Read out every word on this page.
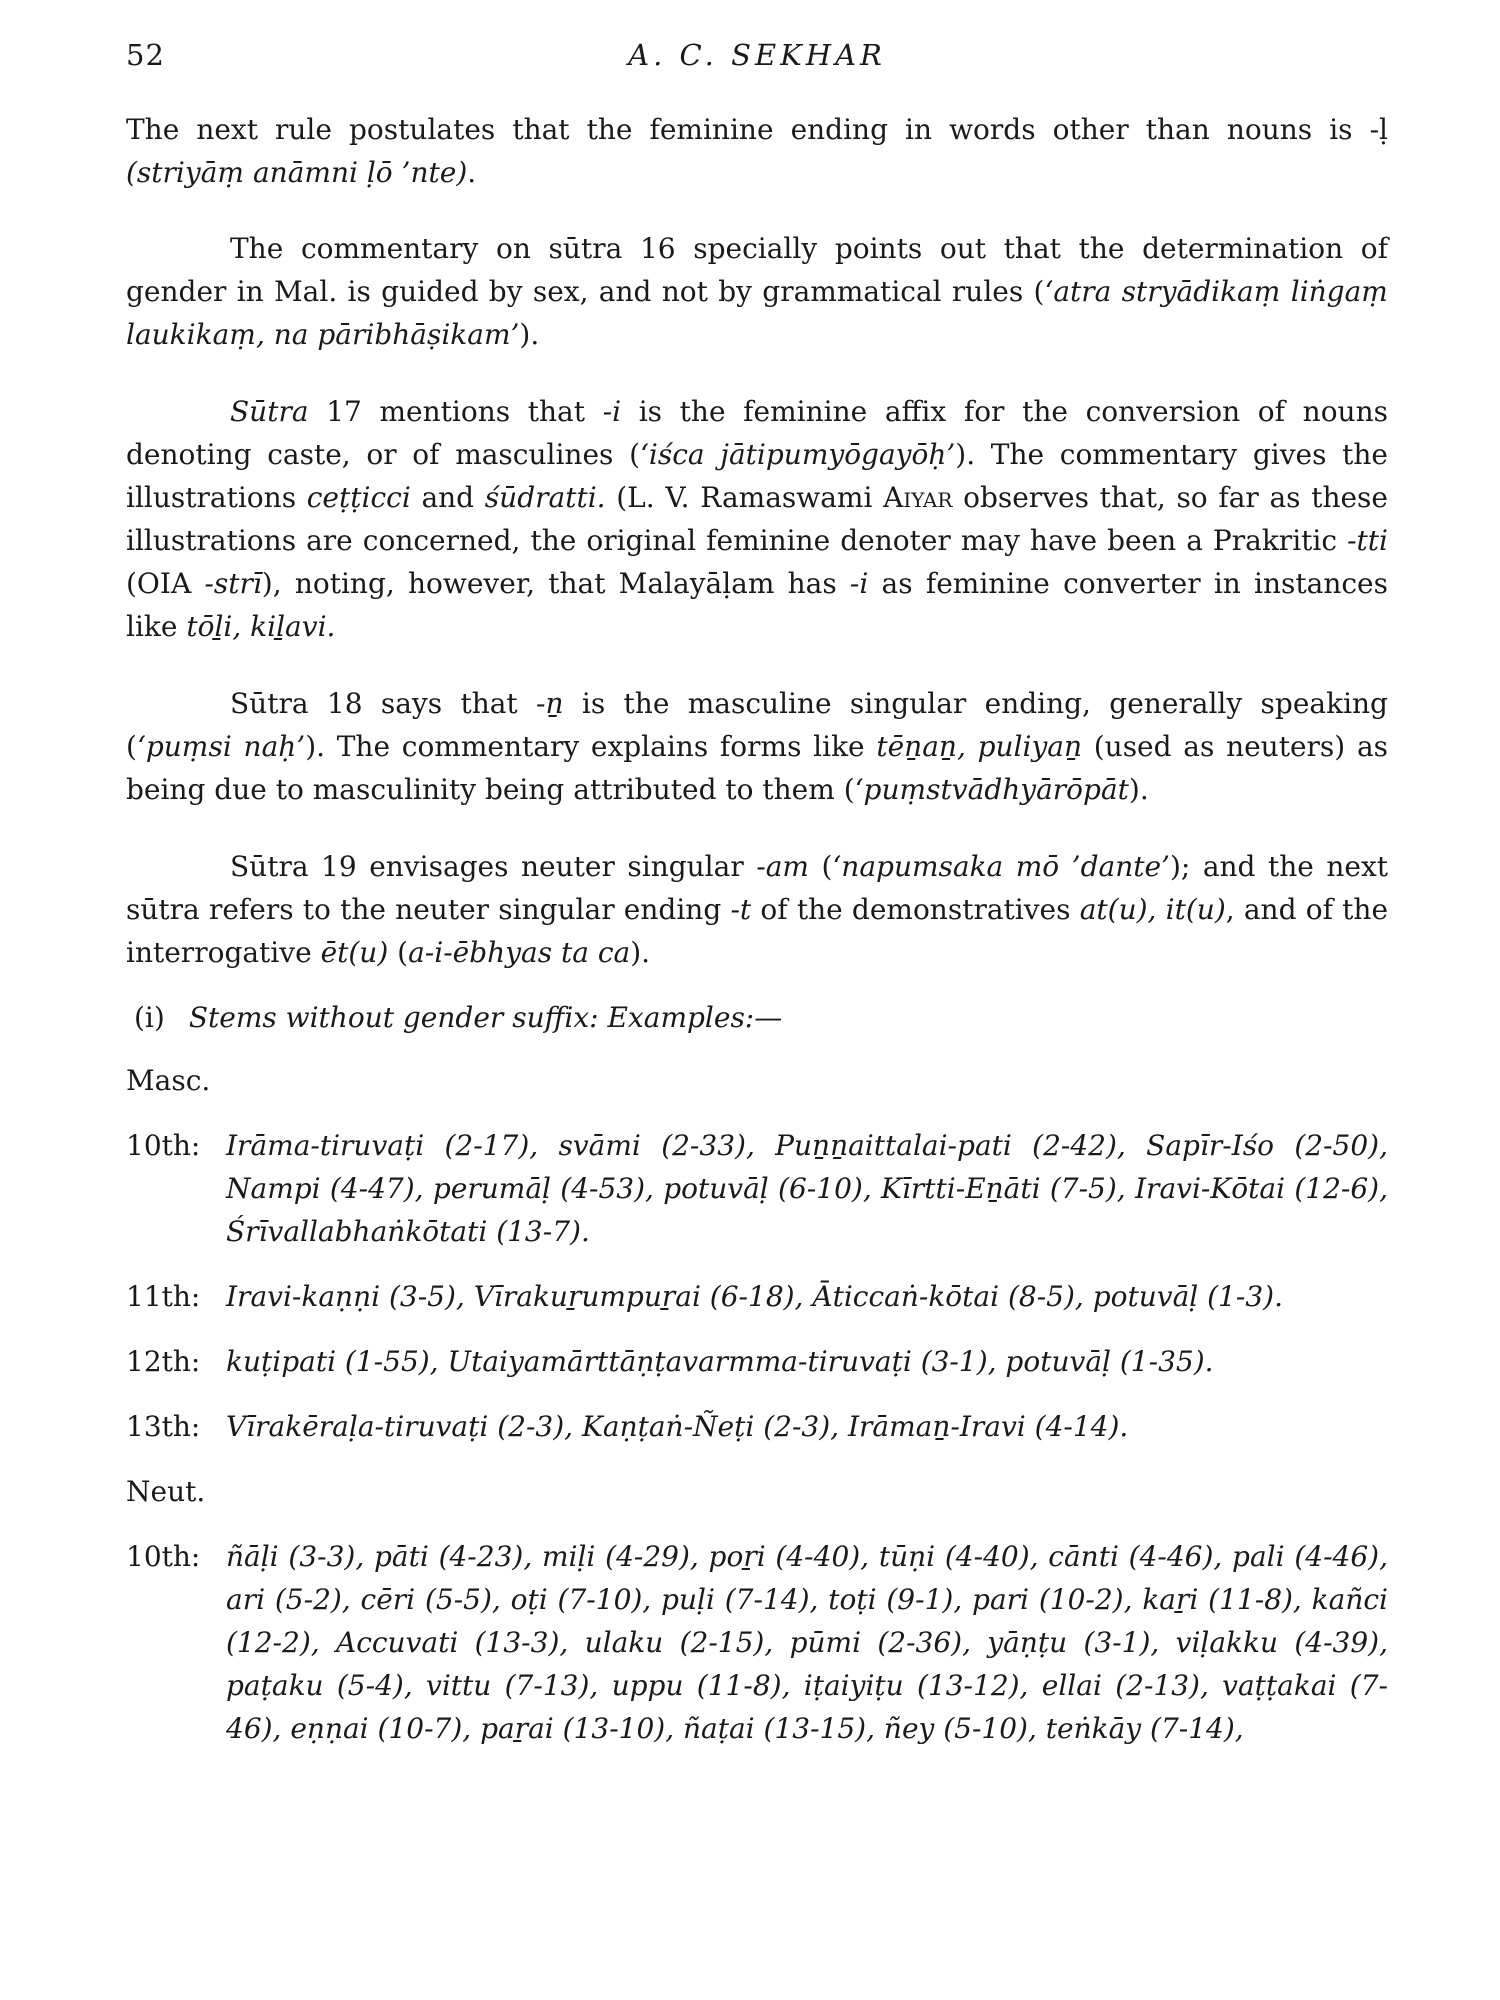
52	A. C. SEKHAR

The next rule postulates that the feminine ending in words other than nouns is -ḷ (striyāṃ anāmni ḷō ’nte).

The commentary on sūtra 16 specially points out that the determination of gender in Mal. is guided by sex, and not by grammatical rules (‘atra stryādikaṃ liṅgaṃ laukikaṃ, na pāribhāṣikam’).

Sūtra 17 mentions that -i is the feminine affix for the conversion of nouns denoting caste, or of masculines (‘iśca jātipumyōgayōḥ’). The commentary gives the illustrations ceṭṭicci and śūdratti. (L. V. Ramaswami Aiyar observes that, so far as these illustrations are concerned, the original feminine denoter may have been a Prakritic -tti (OIA -strī), noting, however, that Malayāḷam has -i as feminine converter in instances like tōḻi, kiḻavi.

Sūtra 18 says that -ṉ is the masculine singular ending, generally speaking (‘puṃsi naḥ’). The commentary explains forms like tēṉaṉ, puliyaṉ (used as neuters) as being due to masculinity being attributed to them (‘puṃstvādhyārōpāt).

Sūtra 19 envisages neuter singular -am (‘napumsaka mō ’dante’); and the next sūtra refers to the neuter singular ending -t of the demonstratives at(u), it(u), and of the interrogative ēt(u) (a-i-ēbhyas ta ca).

(i) Stems without gender suffix: Examples:—
Masc.
10th: Irāma-tiruvaṭi (2-17), svāmi (2-33), Puṉṉaittalai-pati (2-42), Sapīr-Iśo (2-50), Nampi (4-47), perumāḷ (4-53), potuvāḷ (6-10), Kīrtti-Eṉāti (7-5), Iravi-Kōtai (12-6), Śrīvallabhaṅkōtati (13-7).
11th: Iravi-kaṇṇi (3-5), Vīrakuṟumpuṟai (6-18), Āticcaṅ-kōtai (8-5), potuvāḷ (1-3).
12th: kuṭipati (1-55), Utaiyamārttāṇṭavarmma-tiruvaṭi (3-1), potuvāḷ (1-35).
13th: Vīrakēraḷa-tiruvaṭi (2-3), Kaṇṭaṅ-Ñeṭi (2-3), Irāmaṉ-Iravi (4-14).
Neut.
10th: ñāḷi (3-3), pāti (4-23), miḷi (4-29), poṟi (4-40), tūṇi (4-40), cānti (4-46), pali (4-46), ari (5-2), cēri (5-5), oṭi (7-10), puḷi (7-14), toṭi (9-1), pari (10-2), kaṟi (11-8), kañci (12-2), Accuvati (13-3), ulaku (2-15), pūmi (2-36), yāṇṭu (3-1), viḷakku (4-39), paṭaku (5-4), vittu (7-13), uppu (11-8), iṭaiyiṭu (13-12), ellai (2-13), vaṭṭakai (7-46), eṇṇai (10-7), paṟai (13-10), ñaṭai (13-15), ñey (5-10), teṅkāy (7-14),
